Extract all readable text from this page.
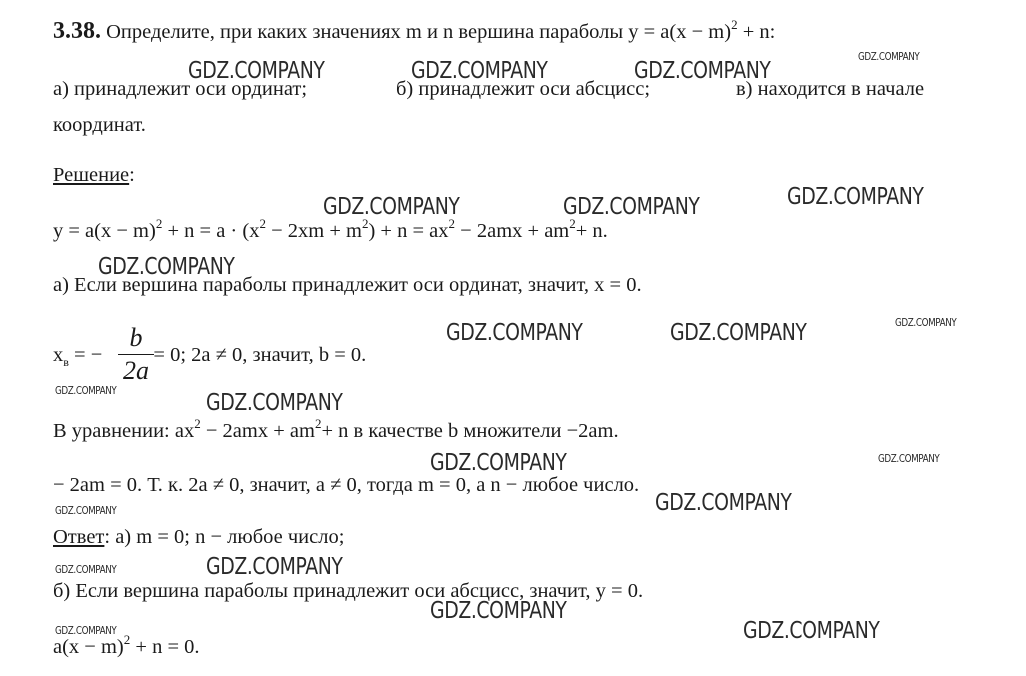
3.38. Определите, при каких значениях m и n вершина параболы $y = a(x - m)^2 + n$:
а) принадлежит оси ординат;	б) принадлежит оси абсцисс;	в) находится в начале
координат.
Решение:
$y = a(x - m)^2 + n = a \cdot (x^2 - 2xm + m^2) + n = ax^2 - 2amx + am^2+ n$.
а) Если вершина параболы принадлежит оси ординат, значит, x = 0.
$x_в$ = − = 0; 2a ≠ 0, значит, b = 0.
b
2a
В уравнении: $ax^2 - 2amx + am^2+ n$ в качестве b множители −2am.
− 2am = 0. Т. к. 2a ≠ 0, значит, a ≠ 0, тогда m = 0, а n − любое число.
Ответ: а) m = 0; n − любое число;
б) Если вершина параболы принадлежит оси абсцисс, значит, y = 0.
$a(x - m)^2 + n = 0$.
GDZ.COMPANY	GDZ.COMPANY	GDZ.COMPANY
GDZ.COMPANY
GDZ.COMPANY	GDZ.COMPANY	GDZ.COMPANY
GDZ.COMPANY
GDZ.COMPANY	GDZ.COMPANY	GDZ.COMPANY
GDZ.COMPANY	GDZ.COMPANY
GDZ.COMPANY	GDZ.COMPANY
GDZ.COMPANY	GDZ.COMPANY
GDZ.COMPANY	GDZ.COMPANY
GDZ.COMPANY
GDZ.COMPANY	GDZ.COMPANY
